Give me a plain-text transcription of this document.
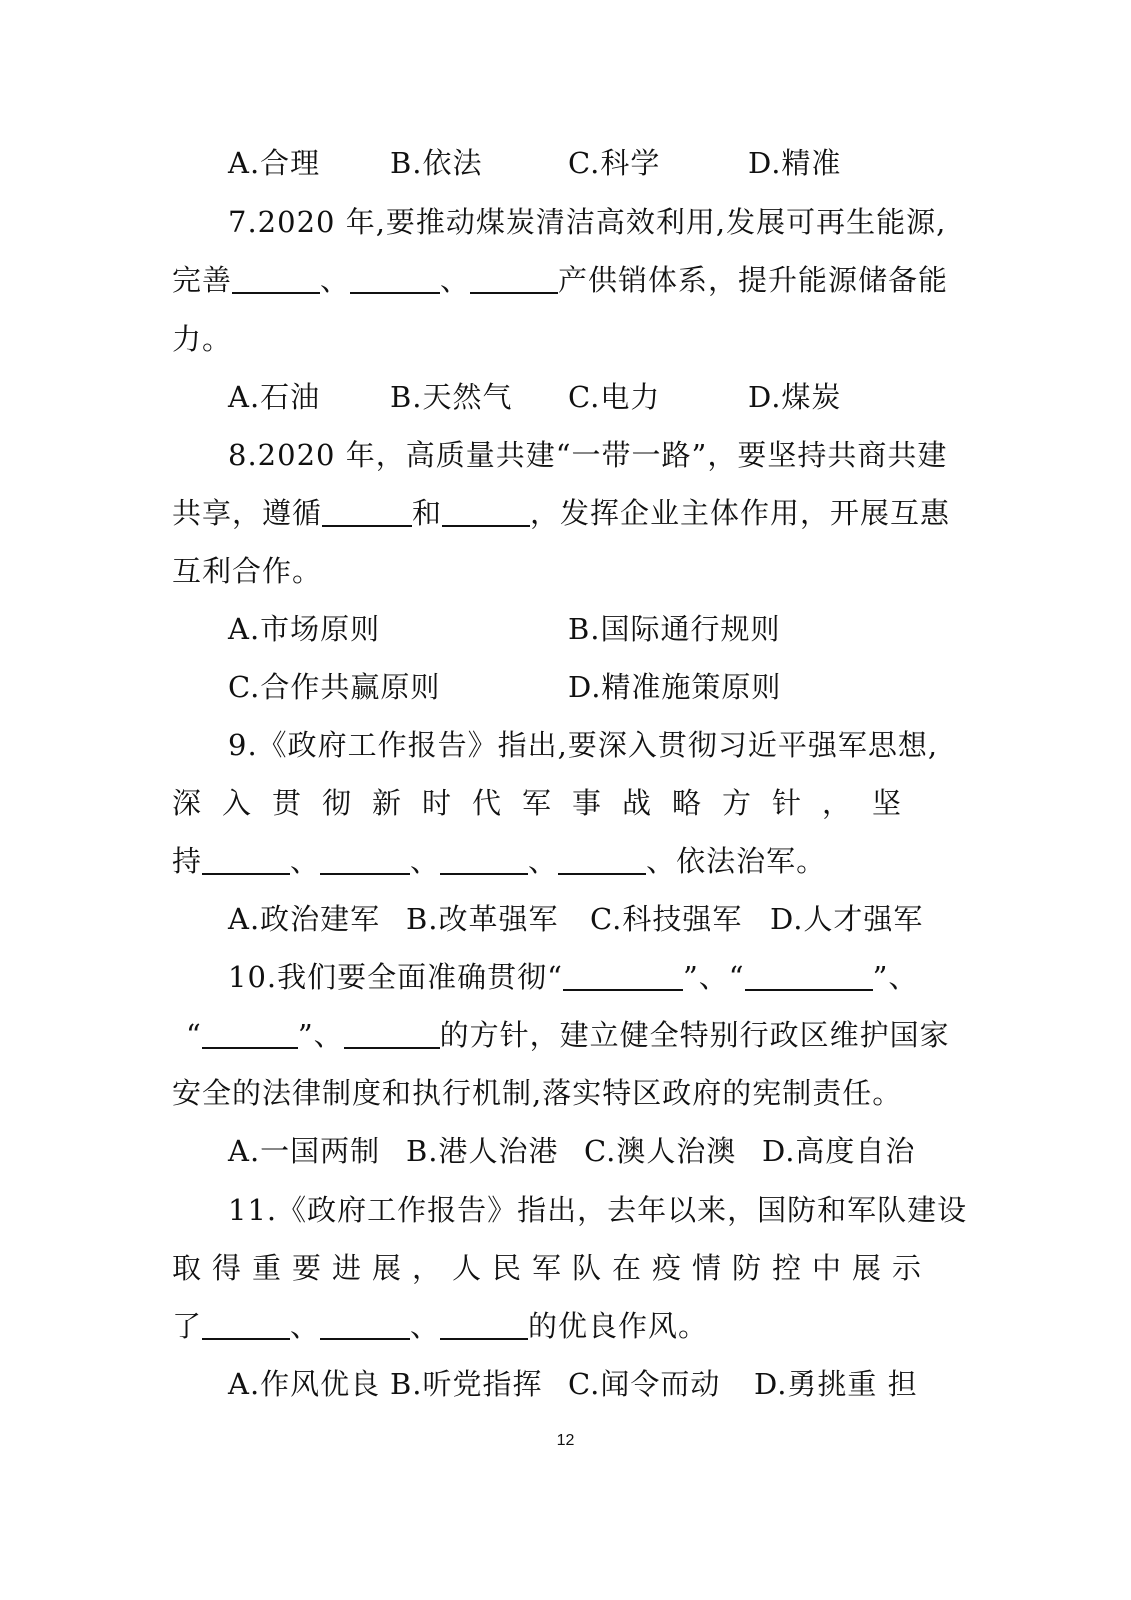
A.合理 B.依法	C.科学	D.精准
7.2020 年,要推动煤炭清洁高效利用,发展可再生能源,
完善	、	、	产供销体系，提升能源储备能
力。
A.石油 B.天然气 C.电力	D.煤炭
8.2020 年，高质量共建“一带一路”，要坚持共商共建
共享，遵循	和	，发挥企业主体作用，开展互惠
互利合作。
A.市场原则	B.国际通行规则
C.合作共赢原则	D.精准施策原则
9.《政府工作报告》指出,要深入贯彻习近平强军思想,
深入贯彻新时代军事战略方针，坚
持	、	、	、	、依法治军。
A.政治建军 B.改革强军 C.科技强军 D.人才强军
10.我们要全面准确贯彻“	”、“	”、
“	”、	的方针，建立健全特别行政区维护国家
安全的法律制度和执行机制,落实特区政府的宪制责任。
A.一国两制 B.港人治港 C.澳人治澳 D.高度自治
11.《政府工作报告》指出，去年以来，国防和军队建设
取得重要进展，人民军队在疫情防控中展示
了	、	、	的优良作风。
A.作风优良 B.听党指挥 C.闻令而动 D.勇挑重 担
12
